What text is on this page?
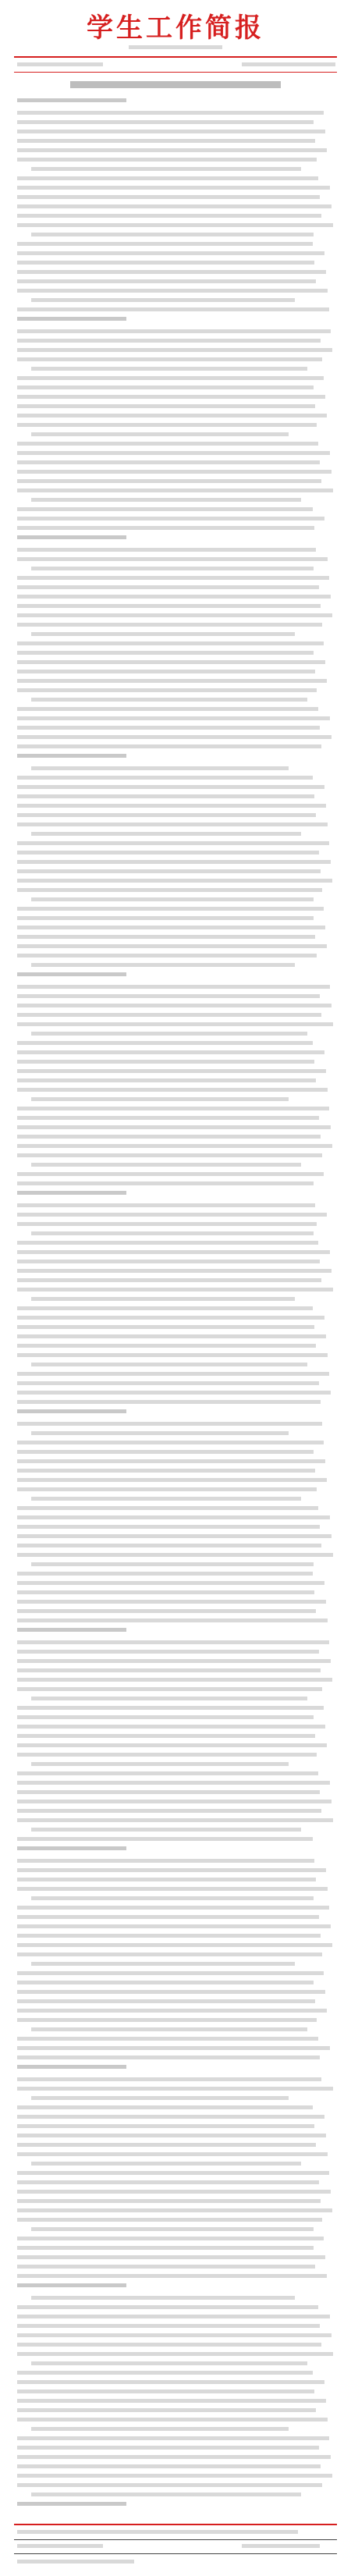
学生工作简报
